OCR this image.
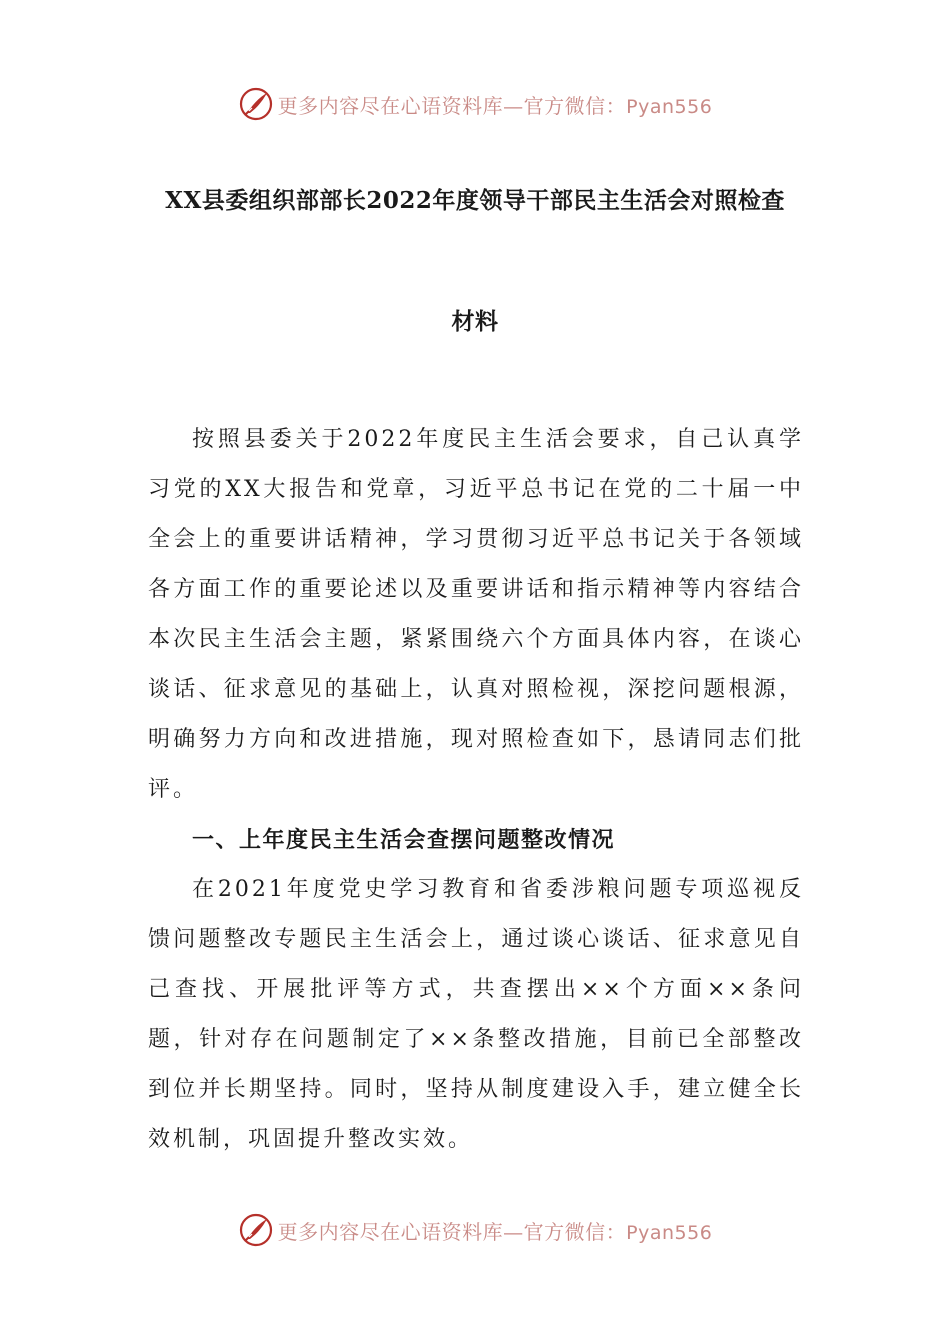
更多内容尽在心语资料库—官方微信：Pyan556
XX县委组织部部长2022年度领导干部民主生活会对照检查
材料

按照县委关于2022年度民主生活会要求，自己认真学习党的XX大报告和党章，习近平总书记在党的二十届一中全会上的重要讲话精神，学习贯彻习近平总书记关于各领域各方面工作的重要论述以及重要讲话和指示精神等内容结合本次民主生活会主题，紧紧围绕六个方面具体内容，在谈心谈话、征求意见的基础上，认真对照检视，深挖问题根源，明确努力方向和改进措施，现对照检查如下，恳请同志们批评。

一、上年度民主生活会查摆问题整改情况

在2021年度党史学习教育和省委涉粮问题专项巡视反馈问题整改专题民主生活会上，通过谈心谈话、征求意见自己查找、开展批评等方式，共查摆出××个方面××条问题，针对存在问题制定了××条整改措施，目前已全部整改到位并长期坚持。同时，坚持从制度建设入手，建立健全长效机制，巩固提升整改实效。

更多内容尽在心语资料库—官方微信：Pyan556
